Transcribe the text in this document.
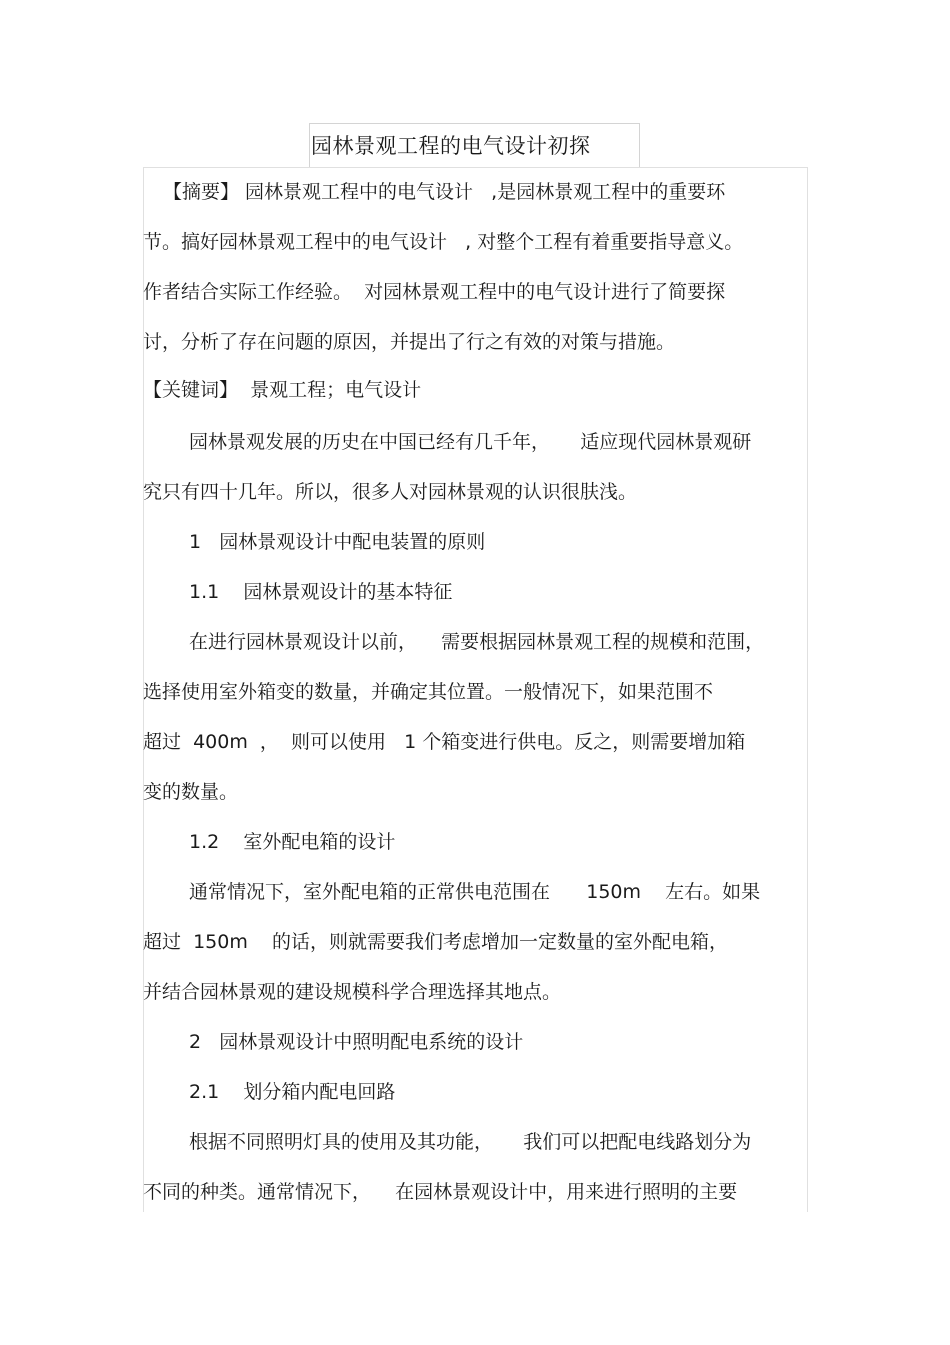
园林景观工程的电气设计初探
【摘要】 园林景观工程中的电气设计   ,是园林景观工程中的重要环
节。搞好园林景观工程中的电气设计   , 对整个工程有着重要指导意义。
作者结合实际工作经验。  对园林景观工程中的电气设计进行了简要探
讨，分析了存在问题的原因，并提出了行之有效的对策与措施。
【关键词】  景观工程；电气设计
园林景观发展的历史在中国已经有几千年，     适应现代园林景观研
究只有四十几年。所以，很多人对园林景观的认识很肤浅。
1   园林景观设计中配电装置的原则
1.1    园林景观设计的基本特征
在进行园林景观设计以前，    需要根据园林景观工程的规模和范围，
选择使用室外箱变的数量，并确定其位置。一般情况下，如果范围不
超过  400m  ，  则可以使用   1 个箱变进行供电。反之，则需要增加箱
变的数量。
1.2    室外配电箱的设计
通常情况下，室外配电箱的正常供电范围在      150m    左右。如果
超过  150m    的话，则就需要我们考虑增加一定数量的室外配电箱，
并结合园林景观的建设规模科学合理选择其地点。
2   园林景观设计中照明配电系统的设计
2.1    划分箱内配电回路
根据不同照明灯具的使用及其功能，     我们可以把配电线路划分为
不同的种类。通常情况下，    在园林景观设计中，用来进行照明的主要
